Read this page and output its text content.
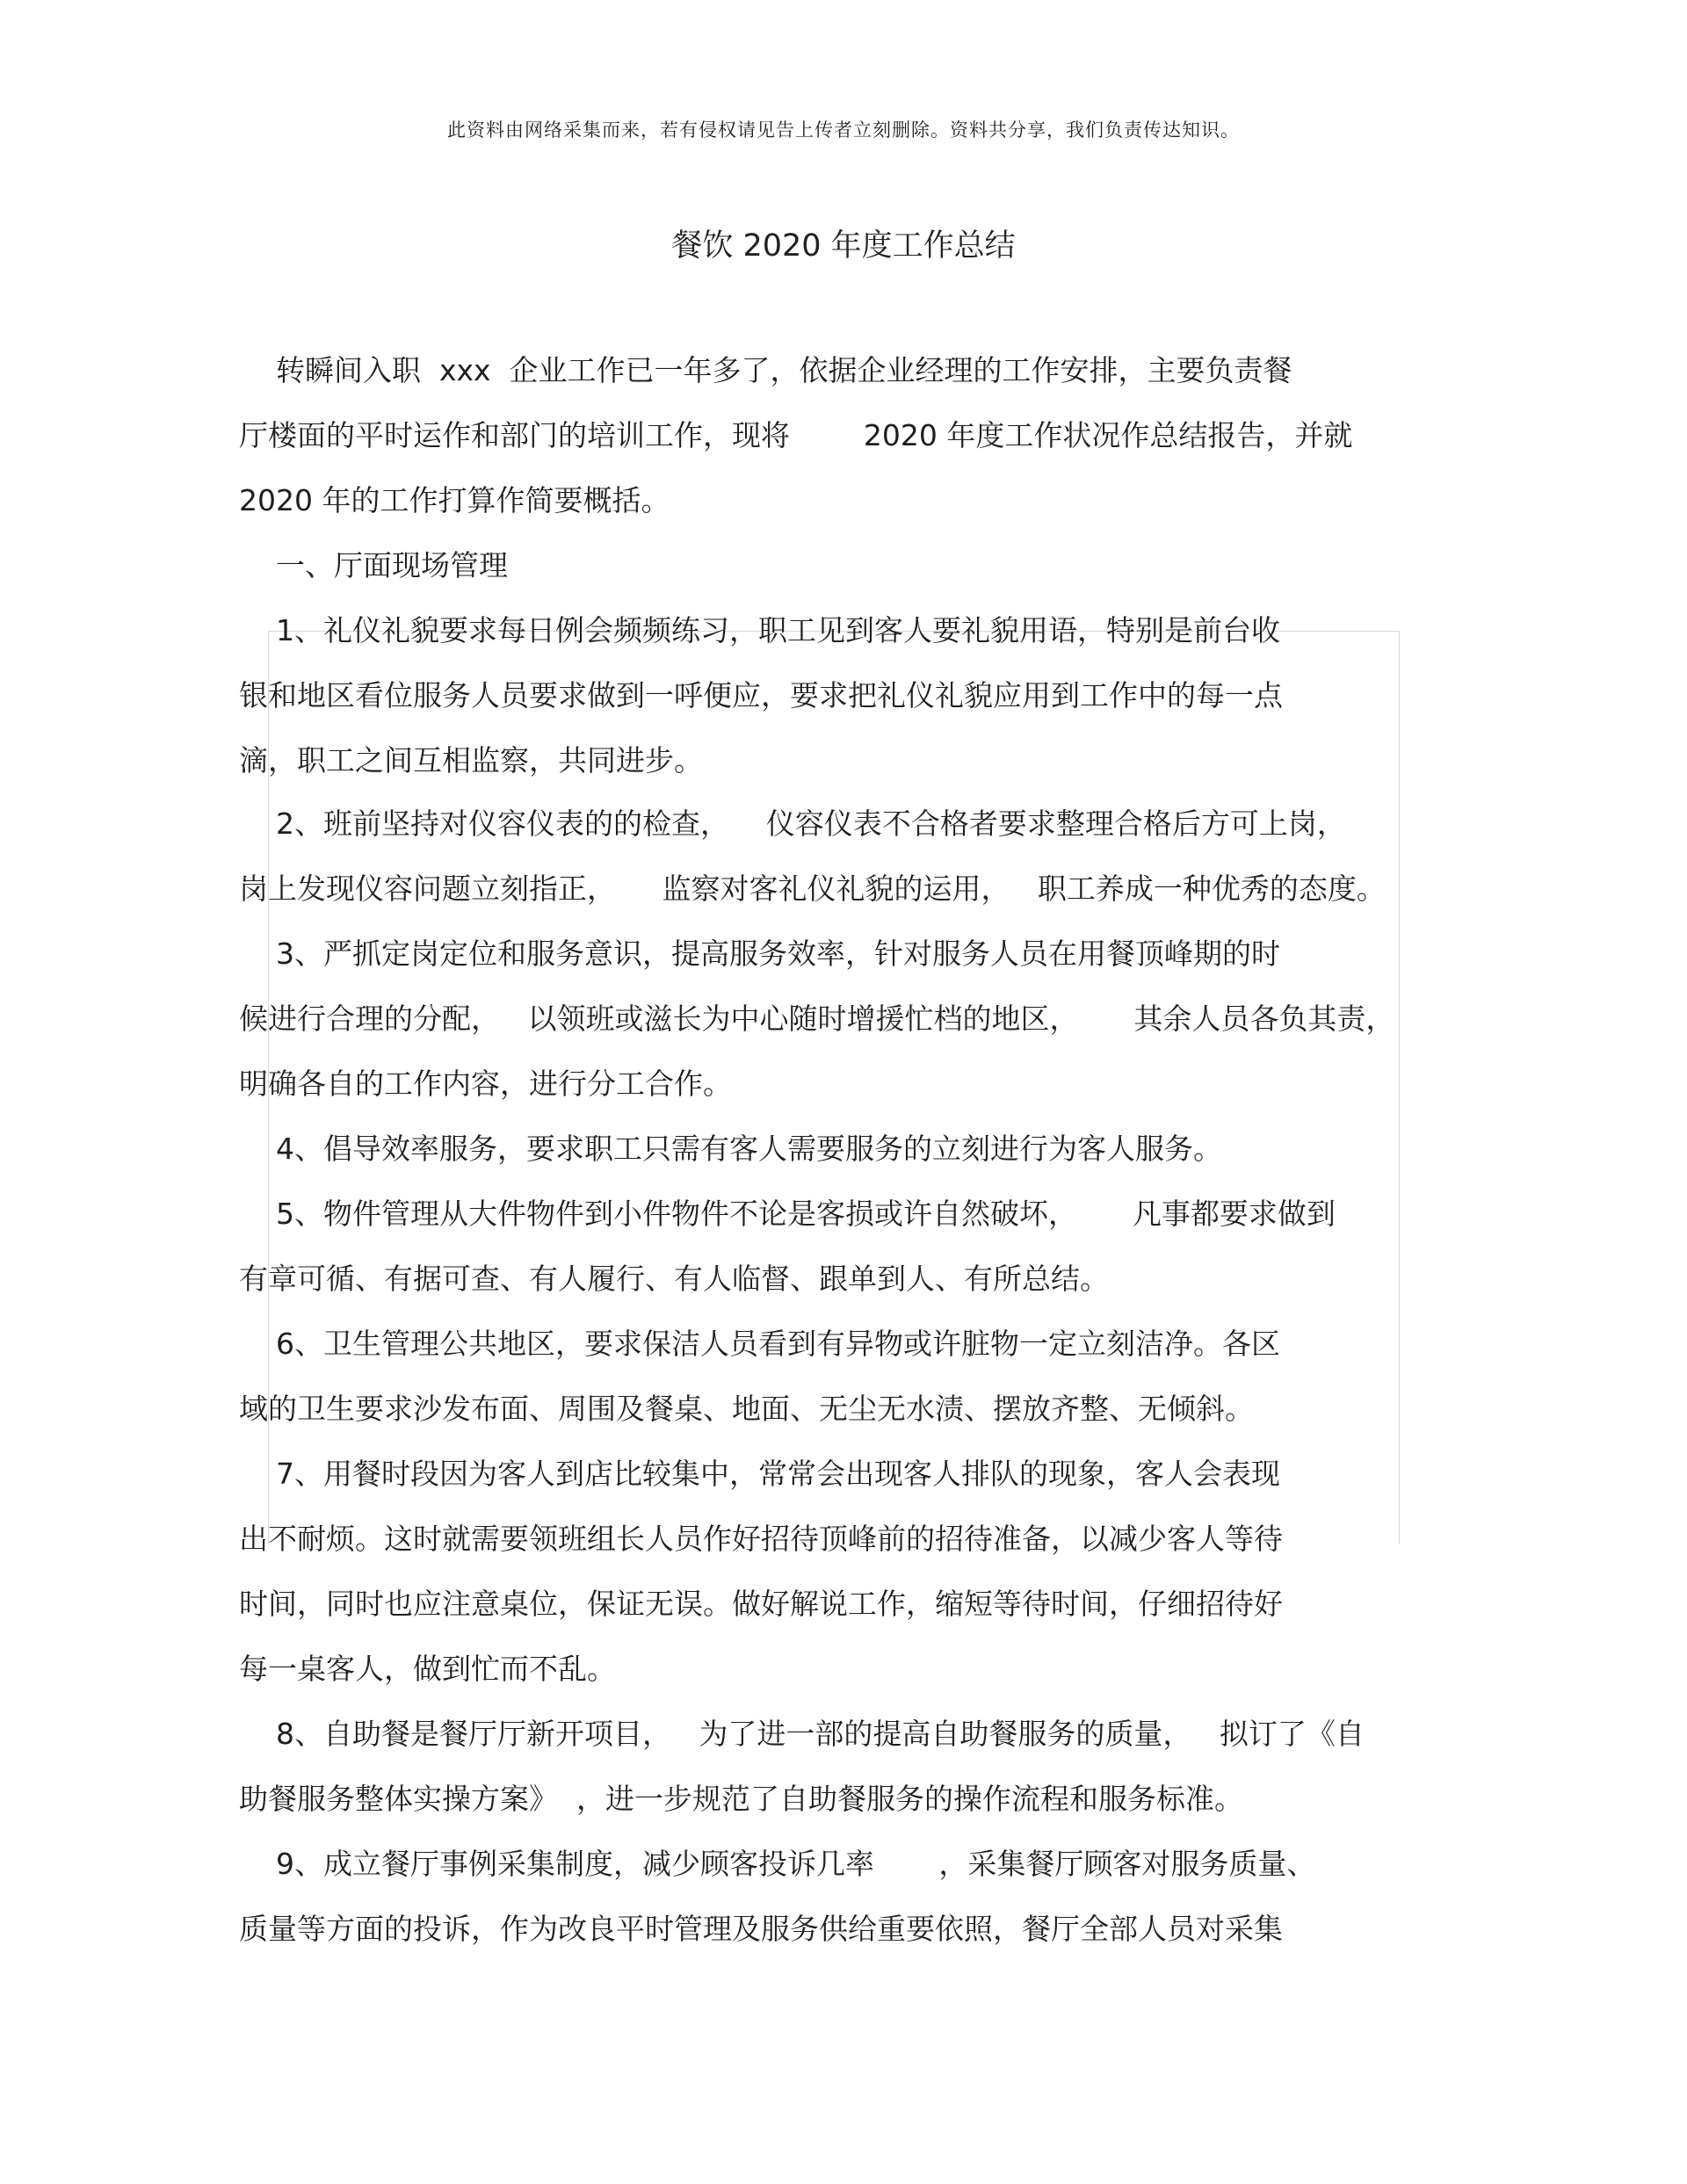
此资料由网络采集而来，若有侵权请见告上传者立刻删除。资料共分享，我们负责传达知识。
餐饮 2020 年度工作总结
转瞬间入职  xxx  企业工作已一年多了，依据企业经理的工作安排，主要负责餐
厅楼面的平时运作和部门的培训工作，现将        2020 年度工作状况作总结报告，并就
2020 年的工作打算作简要概括。
一、厅面现场管理
1、礼仪礼貌要求每日例会频频练习，职工见到客人要礼貌用语，特别是前台收
银和地区看位服务人员要求做到一呼便应，要求把礼仪礼貌应用到工作中的每一点
滴，职工之间互相监察，共同进步。
2、班前坚持对仪容仪表的的检查，    仪容仪表不合格者要求整理合格后方可上岗，
岗上发现仪容问题立刻指正，     监察对客礼仪礼貌的运用，   职工养成一种优秀的态度。
3、严抓定岗定位和服务意识，提高服务效率，针对服务人员在用餐顶峰期的时
候进行合理的分配，   以领班或滋长为中心随时增援忙档的地区，      其余人员各负其责，
明确各自的工作内容，进行分工合作。
4、倡导效率服务，要求职工只需有客人需要服务的立刻进行为客人服务。
5、物件管理从大件物件到小件物件不论是客损或许自然破坏，      凡事都要求做到
有章可循、有据可查、有人履行、有人临督、跟单到人、有所总结。
6、卫生管理公共地区，要求保洁人员看到有异物或许脏物一定立刻洁净。各区
域的卫生要求沙发布面、周围及餐桌、地面、无尘无水渍、摆放齐整、无倾斜。
7、用餐时段因为客人到店比较集中，常常会出现客人排队的现象，客人会表现
出不耐烦。这时就需要领班组长人员作好招待顶峰前的招待准备，以减少客人等待
时间，同时也应注意桌位，保证无误。做好解说工作，缩短等待时间，仔细招待好
每一桌客人，做到忙而不乱。
8、自助餐是餐厅厅新开项目，   为了进一部的提高自助餐服务的质量，   拟订了《自
助餐服务整体实操方案》  ，进一步规范了自助餐服务的操作流程和服务标准。
9、成立餐厅事例采集制度，减少顾客投诉几率       ，采集餐厅顾客对服务质量、
质量等方面的投诉，作为改良平时管理及服务供给重要依照，餐厅全部人员对采集
